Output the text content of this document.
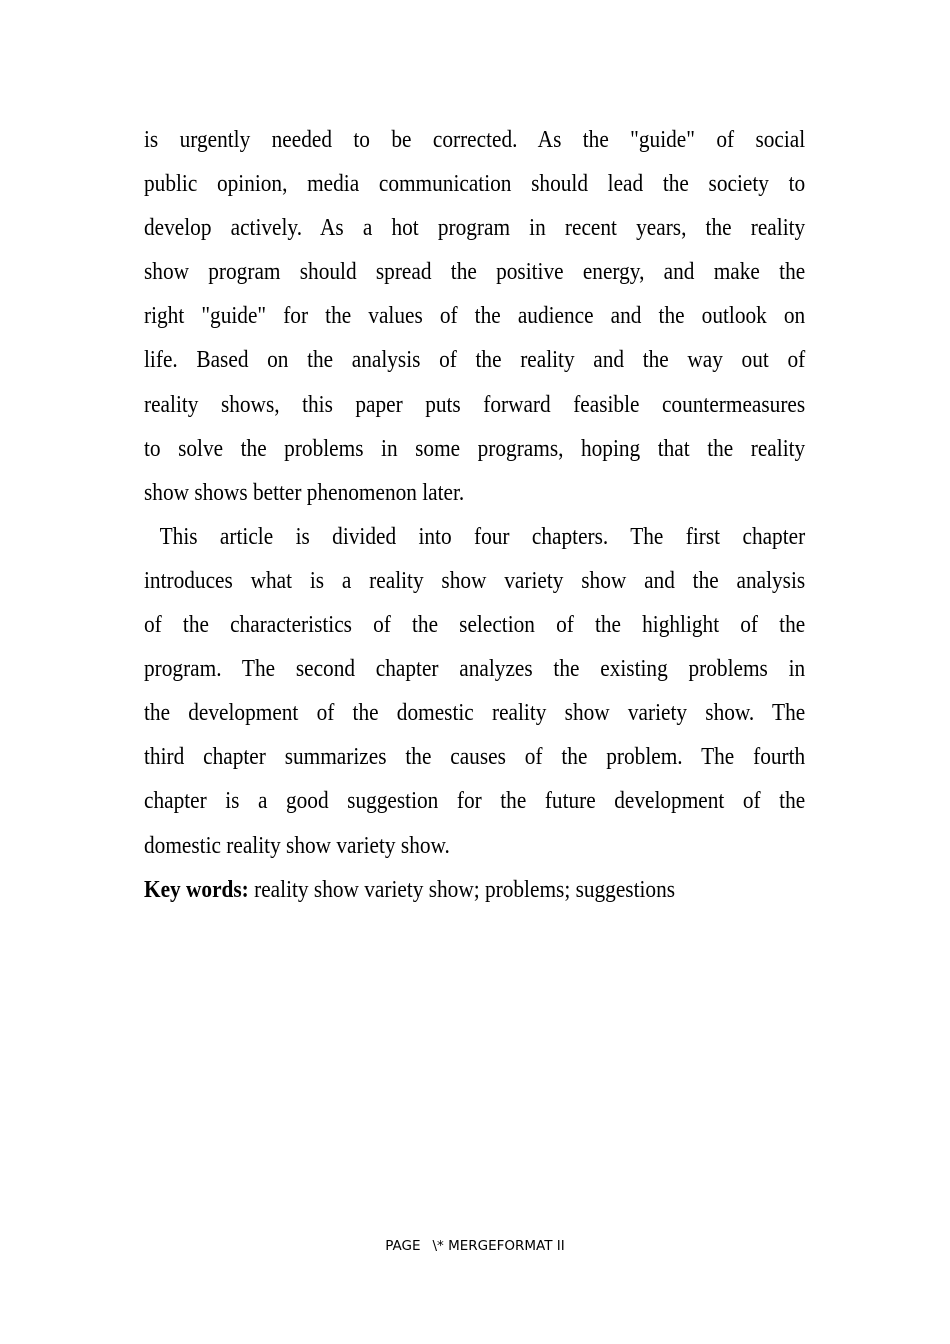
is urgently needed to be corrected. As the "guide" of social
public opinion, media communication should lead the society to
develop actively. As a hot program in recent years, the reality
show program should spread the positive energy, and make the
right "guide" for the values of the audience and the outlook on
life. Based on the analysis of the reality and the way out of
reality shows, this paper puts forward feasible countermeasures
to solve the problems in some programs, hoping that the reality
show shows better phenomenon later.
This article is divided into four chapters. The first chapter
introduces what is a reality show variety show and the analysis
of the characteristics of the selection of the highlight of the
program. The second chapter analyzes the existing problems in
the development of the domestic reality show variety show. The
third chapter summarizes the causes of the problem. The fourth
chapter is a good suggestion for the future development of the
domestic reality show variety show.
Key words: reality show variety show; problems; suggestions
PAGE \* MERGEFORMAT II
